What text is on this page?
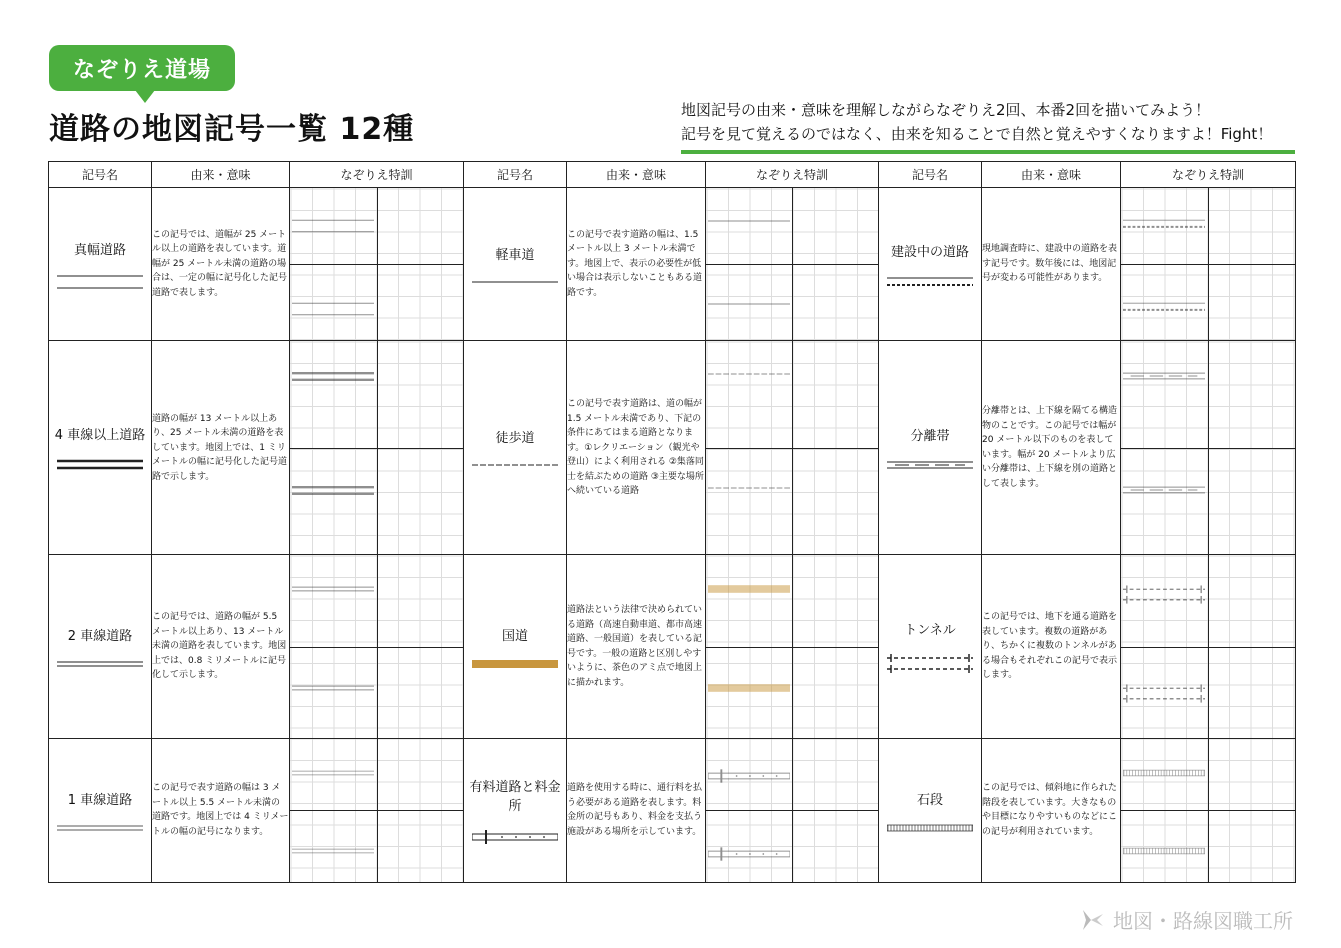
なぞりえ道場
道路の地図記号一覧 12種
地図記号の由来・意味を理解しながらなぞりえ2回、本番2回を描いてみよう！
記号を見て覚えるのではなく、由来を知ることで自然と覚えやすくなりますよ！Fight！
記号名	由来・意味	なぞりえ特訓	記号名	由来・意味	なぞりえ特訓	記号名	由来・意味	なぞりえ特訓

真幅道路	この記号では、道幅が 25 メートル以上の道路を表しています。道幅が 25 メートル未満の道路の場合は、一定の幅に記号化した記号道路で表します。		軽車道	この記号で表す道路の幅は、1.5 メートル以上 3 メートル未満です。地図上で、表示の必要性が低い場合は表示しないこともある道路です。		建設中の道路	現地調査時に、建設中の道路を表す記号です。数年後には、地図記号が変わる可能性があります。	

4 車線以上道路	道路の幅が 13 メートル以上あり、25 メートル未満の道路を表しています。地図上では、1 ミリメートルの幅に記号化した記号道路で示します。		徒歩道	この記号で表す道路は、道の幅が 1.5 メートル未満であり、下記の条件にあてはまる道路となります。①レクリエーション（観光や登山）によく利用される ②集落同士を結ぶための道路 ③主要な場所へ続いている道路		分離帯	分離帯とは、上下線を隔てる構造物のことです。この記号では幅が 20 メートル以下のものを表しています。幅が 20 メートルより広い分離帯は、上下線を別の道路として表します。	

2 車線道路	この記号では、道路の幅が 5.5 メートル以上あり、13 メートル未満の道路を表しています。地図上では、0.8 ミリメートルに記号化して示します。		国道	道路法という法律で決められている道路（高速自動車道、都市高速道路、一般国道）を表している記号です。一般の道路と区別しやすいように、茶色のアミ点で地図上に描かれます。		トンネル	この記号では、地下を通る道路を表しています。複数の道路があり、ちかくに複数のトンネルがある場合もそれぞれこの記号で表示します。	

1 車線道路	この記号で表す道路の幅は 3 メートル以上 5.5 メートル未満の道路です。地図上では 4 ミリメートルの幅の記号になります。		有料道路と料金所	道路を使用する時に、通行料を払う必要がある道路を表します。料金所の記号もあり、料金を支払う施設がある場所を示しています。		石段	この記号では、傾斜地に作られた階段を表しています。大きなものや目標になりやすいものなどにこの記号が利用されています。	
地図・路線図職工所
